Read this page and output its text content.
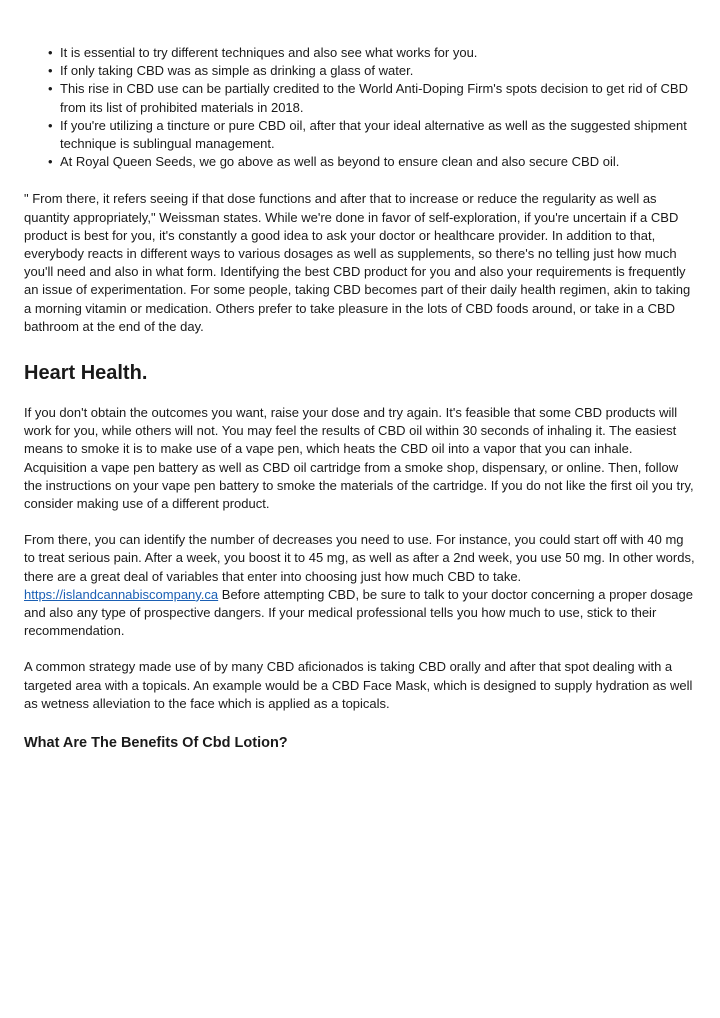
• It is essential to try different techniques and also see what works for you.
• If only taking CBD was as simple as drinking a glass of water.
• This rise in CBD use can be partially credited to the World Anti-Doping Firm's spots decision to get rid of CBD from its list of prohibited materials in 2018.
• If you're utilizing a tincture or pure CBD oil, after that your ideal alternative as well as the suggested shipment technique is sublingual management.
• At Royal Queen Seeds, we go above as well as beyond to ensure clean and also secure CBD oil.

" From there, it refers seeing if that dose functions and after that to increase or reduce the regularity as well as quantity appropriately," Weissman states. While we're done in favor of self-exploration, if you're uncertain if a CBD product is best for you, it's constantly a good idea to ask your doctor or healthcare provider. In addition to that, everybody reacts in different ways to various dosages as well as supplements, so there's no telling just how much you'll need and also in what form. Identifying the best CBD product for you and also your requirements is frequently an issue of experimentation. For some people, taking CBD becomes part of their daily health regimen, akin to taking a morning vitamin or medication. Others prefer to take pleasure in the lots of CBD foods around, or take in a CBD bathroom at the end of the day.

Heart Health.

If you don't obtain the outcomes you want, raise your dose and try again. It's feasible that some CBD products will work for you, while others will not. You may feel the results of CBD oil within 30 seconds of inhaling it. The easiest means to smoke it is to make use of a vape pen, which heats the CBD oil into a vapor that you can inhale. Acquisition a vape pen battery as well as CBD oil cartridge from a smoke shop, dispensary, or online. Then, follow the instructions on your vape pen battery to smoke the materials of the cartridge. If you do not like the first oil you try, consider making use of a different product.

From there, you can identify the number of decreases you need to use. For instance, you could start off with 40 mg to treat serious pain. After a week, you boost it to 45 mg, as well as after a 2nd week, you use 50 mg. In other words, there are a great deal of variables that enter into choosing just how much CBD to take. https://islandcannabiscompany.ca Before attempting CBD, be sure to talk to your doctor concerning a proper dosage and also any type of prospective dangers. If your medical professional tells you how much to use, stick to their recommendation.

A common strategy made use of by many CBD aficionados is taking CBD orally and after that spot dealing with a targeted area with a topicals. An example would be a CBD Face Mask, which is designed to supply hydration as well as wetness alleviation to the face which is applied as a topicals.

What Are The Benefits Of Cbd Lotion?
